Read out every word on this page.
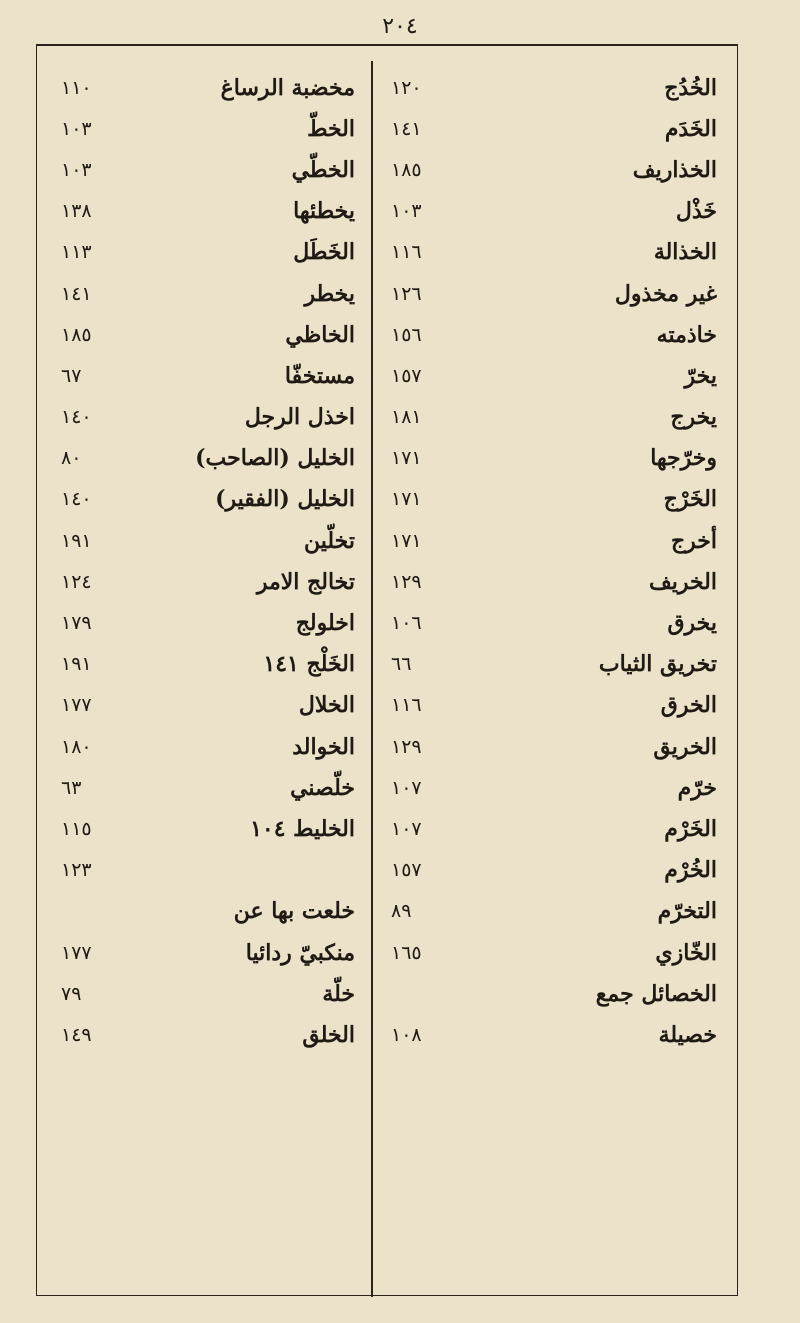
٢٠٤
الخُدُج
١٢٠
الخَدَم
١٤١
الخذاريف
١٨٥
خَذْل
١٠٣
الخذالة
١١٦
غير مخذول
١٢٦
خاذمته
١٥٦
يخرّ
١٥٧
يخرج
١٨١
وخرّجها
١٧١
الخَرْج
١٧١
أخرج
١٧١
الخريف
١٢٩
يخرق
١٠٦
تخريق الثياب
٦٦
الخرق
١١٦
الخريق
١٢٩
خرّم
١٠٧
الخَرْم
١٠٧
الخُرْم
١٥٧
التخرّم
٨٩
الخّازي
١٦٥
الخصائل جمع
خصيلة
١٠٨
مخضبة الرساغ
١١٠
الخطّ
١٠٣
الخطّي
١٠٣
يخطئها
١٣٨
الخَطَل
١١٣
يخطر
١٤١
الخاظي
١٨٥
مستخفّا
٦٧
اخذل الرجل
١٤٠
الخليل (الصاحب)
٨٠
الخليل (الفقير)
١٤٠
تخلّين
١٩١
تخالج الامر
١٢٤
اخلولج
١٧٩
الخَلْج ١٤١
١٩١
الخلال
١٧٧
الخوالد
١٨٠
خلّصني
٦٣
الخليط ١٠٤
١١٥
١٢٣
خلعت بها عن
منكبيّ ردائيا
١٧٧
خلّة
٧٩
الخلق
١٤٩
